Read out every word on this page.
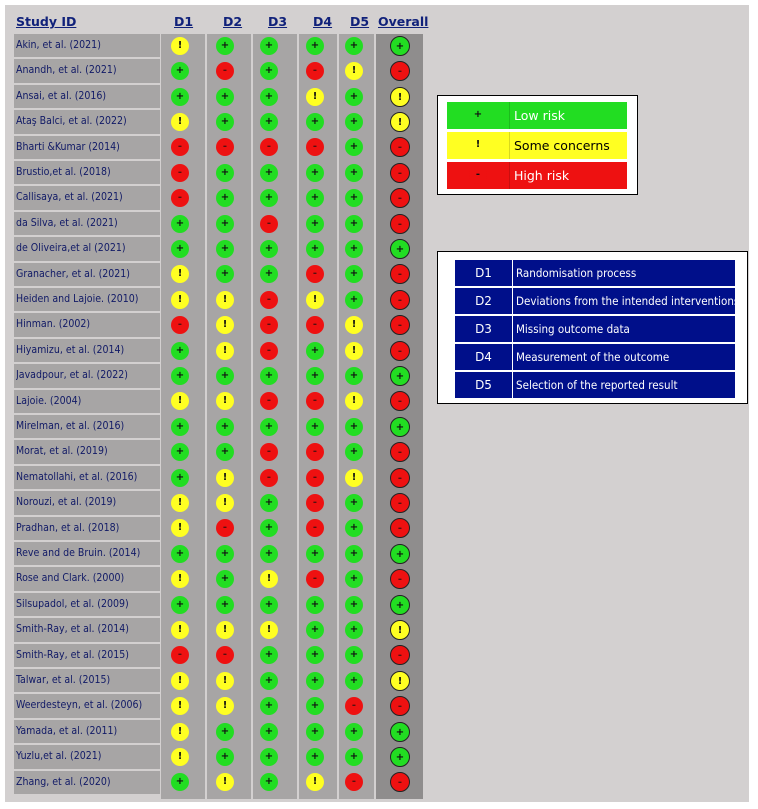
Study ID	D1 D2 D3 D4 D5 Overall
Akin, et al. (2021)	!	+	+	+	+	+
Anandh, et al. (2021)	+	-	+	-	!	-
Ansai, et al. (2016)	+	+	+	!	+	!
Ataş Balci, et al. (2022)	!	+	+	+	+	!
Bharti &Kumar (2014)	-	-	-	-	+	-
Brustio,et al. (2018)	-	+	+	+	+	-
Callisaya, et al. (2021)	-	+	+	+	+	-
da Silva, et al. (2021)	+	+	-	+	+	-
de Oliveira,et al (2021)	+	+	+	+	+	+
Granacher, et al. (2021)	!	+	+	-	+	-
Heiden and Lajoie. (2010)	!	!	-	!	+	-
Hinman. (2002)	-	!	-	-	!	-
Hiyamizu, et al. (2014)	+	!	-	+	!	-
Javadpour, et al. (2022)	+	+	+	+	+	+
Lajoie. (2004)	!	!	-	-	!	-
Mirelman, et al. (2016)	+	+	+	+	+	+
Morat, et al. (2019)	+	+	-	-	+	-
Nematollahi, et al. (2016)	+	!	-	-	!	-
Norouzi, et al. (2019)	!	!	+	-	+	-
Pradhan, et al. (2018)	!	-	+	-	+	-
Reve and de Bruin. (2014)	+	+	+	+	+	+
Rose and Clark. (2000)	!	+	!	-	+	-
Silsupadol, et al. (2009)	+	+	+	+	+	+
Smith-Ray, et al. (2014)	!	!	!	+	+	!
Smith-Ray, et al. (2015)	-	-	+	+	+	-
Talwar, et al. (2015)	!	!	+	+	+	!
Weerdesteyn, et al. (2006)	!	!	+	+	-	-
Yamada, et al. (2011)	!	+	+	+	+	+
Yuzlu,et al. (2021)	!	+	+	+	+	+
Zhang, et al. (2020)	+	!	+	!	-	-
+	Low risk
!	Some concerns
-	High risk
D1	Randomisation process
D2	Deviations from the intended interventions
D3	Missing outcome data
D4	Measurement of the outcome
D5	Selection of the reported result
